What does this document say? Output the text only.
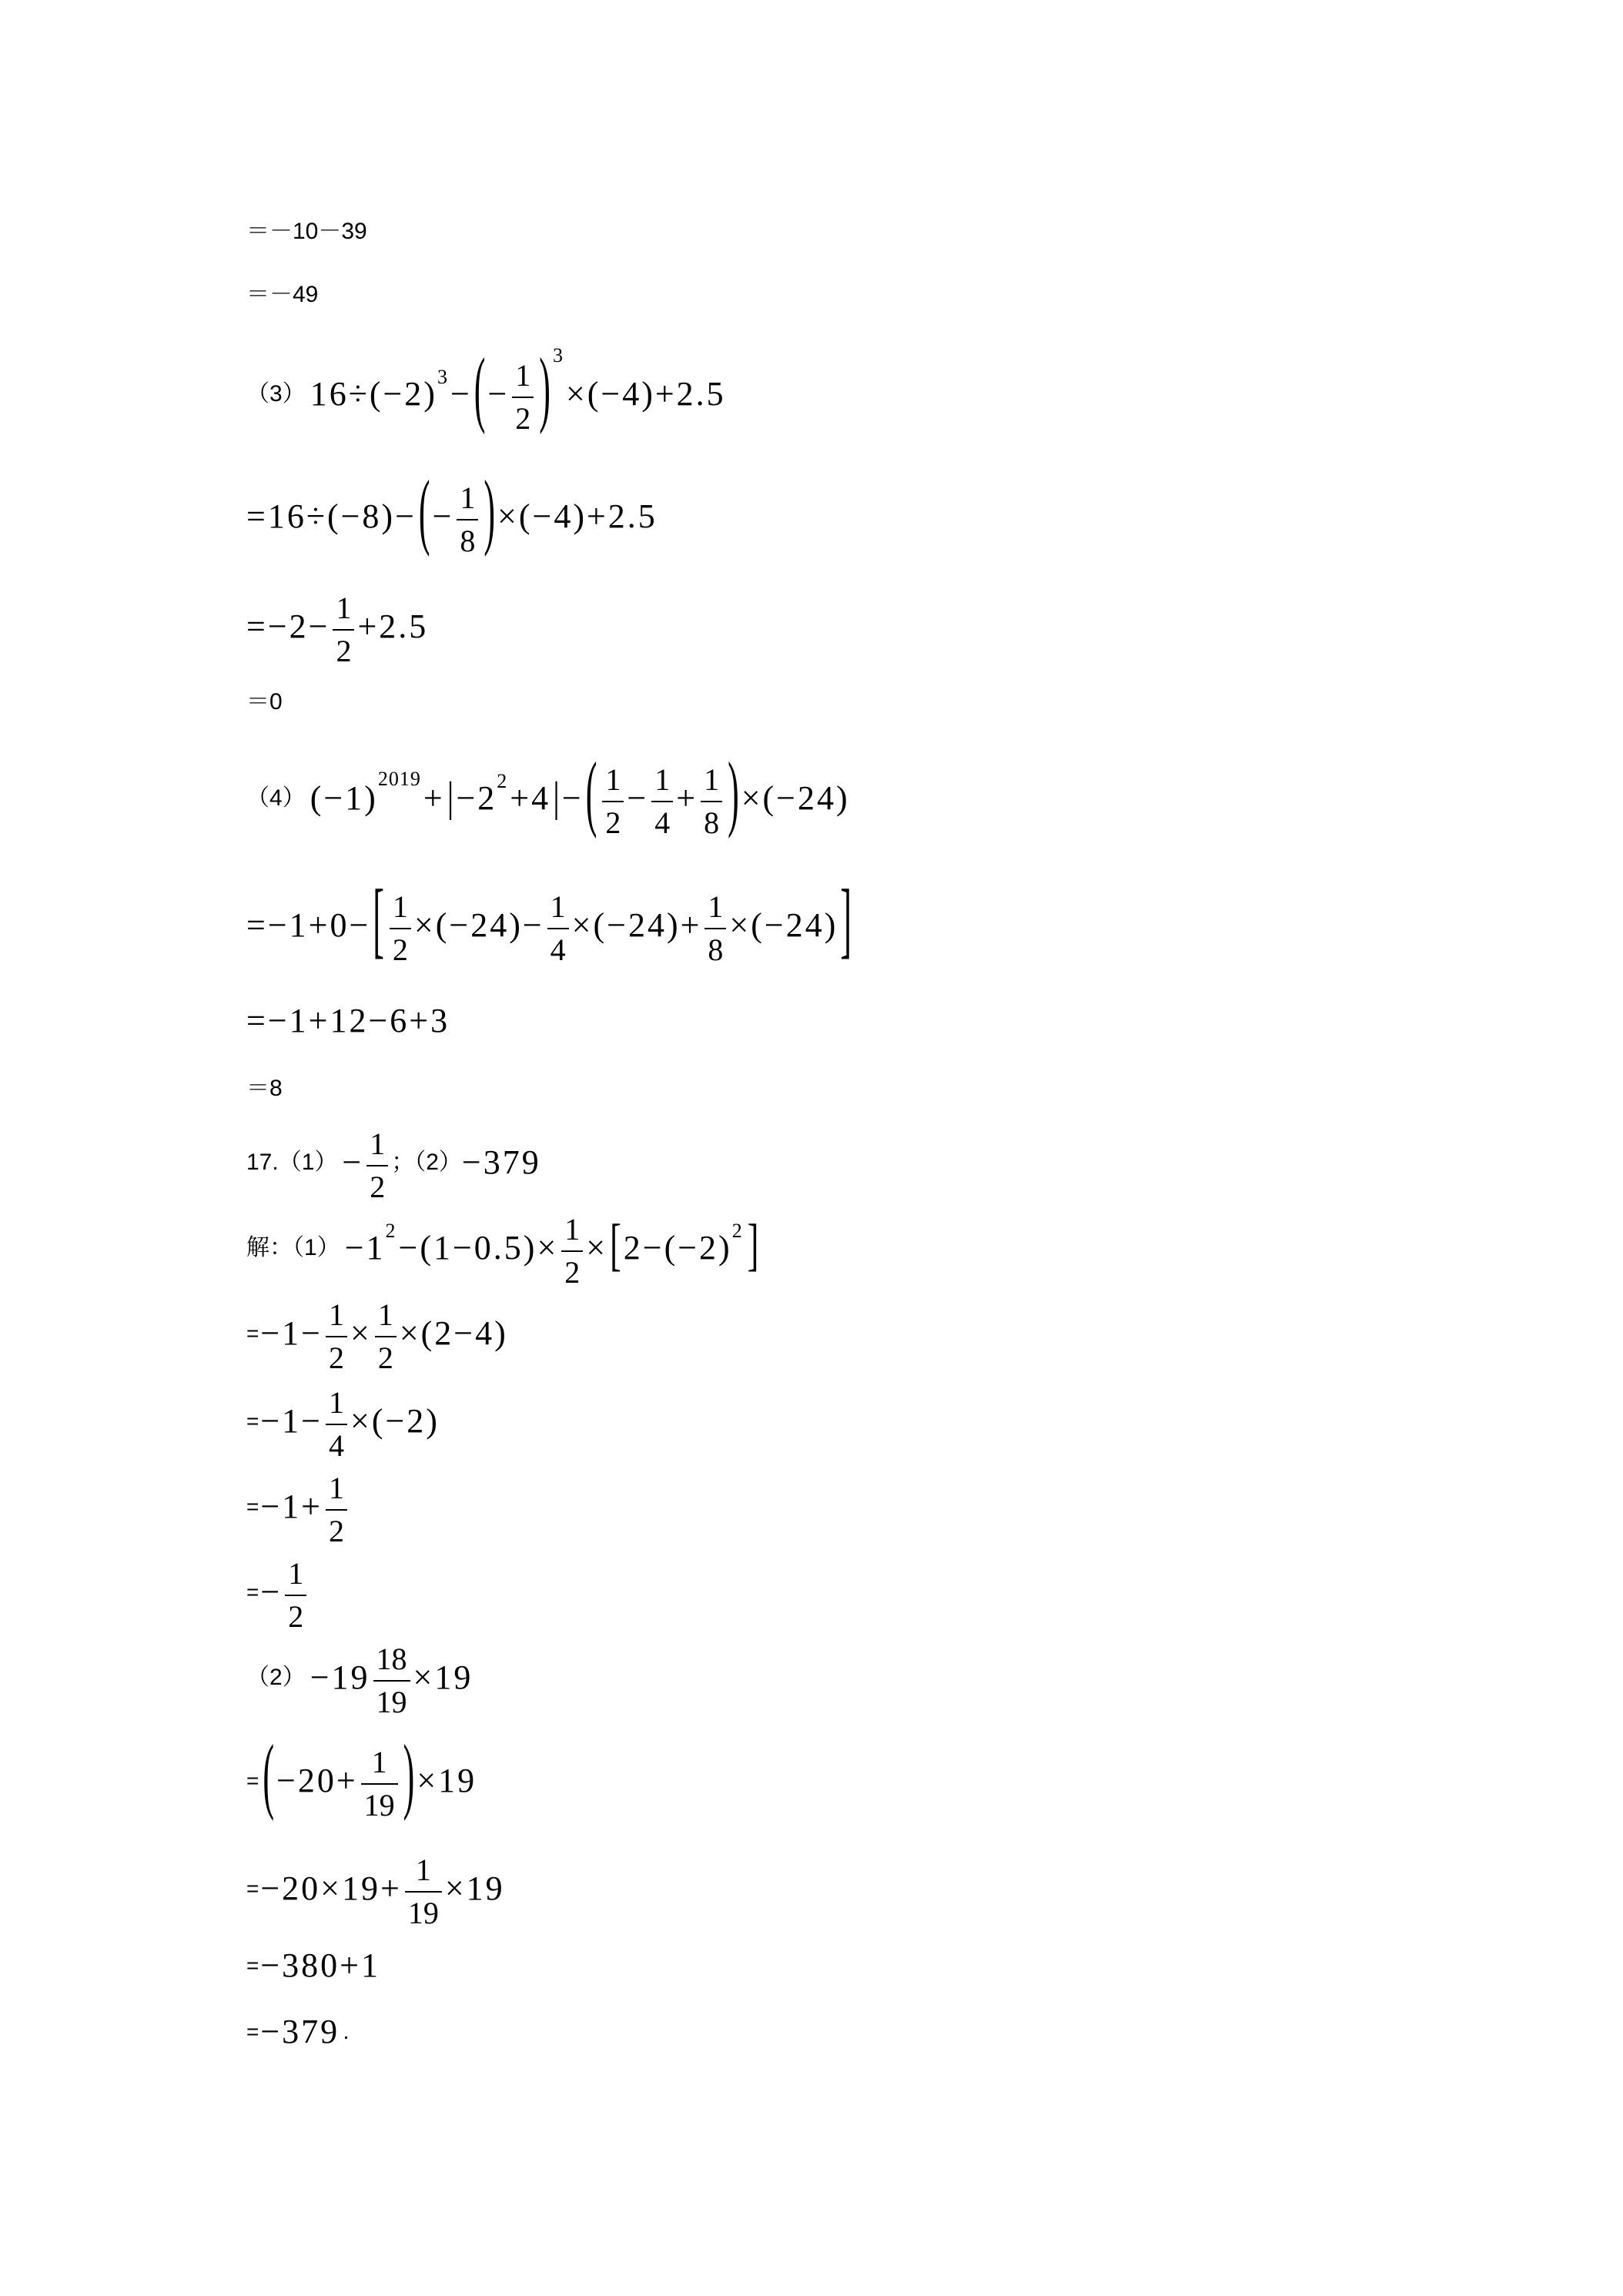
＝－10－39
＝－49
（3） 16÷(−2) 3 − ( − $\frac{1}{2}$ ) 3
×(−4)+2.5
=16÷(−8)− ( − $\frac{1}{8}$ ) ×(−4)+2.5
$=-2- \frac{1}{2} +2.5$
＝0
（4） (−1)
2019
+ | −2 2 +4 | − ( $\frac{1}{2} - \frac{1}{4} + \frac{1}{8}$ ) ×(−24)
=−1+0− [ $\frac{1}{2} \times(-24)- \frac{1}{4} \times(-24)+ \frac{1}{8} \times(-24)$ ]
=−1+12−6+3
＝8
$17.(1) - \frac{1}{2}$ ；（2） −379
解：（1） −1 $2 -(1-0.5)\times \frac{1}{2}$ × [ 2−(−2) 2 ]
= $-1- \frac{1}{2} \times \frac{1}{2} \times(2-4)$
= $-1- \frac{1}{4} \times(-2)$
= $-1+ \frac{1}{2}$
= − $\frac{1}{2}$
$(2) -19 \frac{18}{19} \times 19$
= ( $-20+ \frac{1}{19}$ ) ×19
= $-20\times 19+ \frac{1}{19} \times 19$
= −380+1
= −379 .
